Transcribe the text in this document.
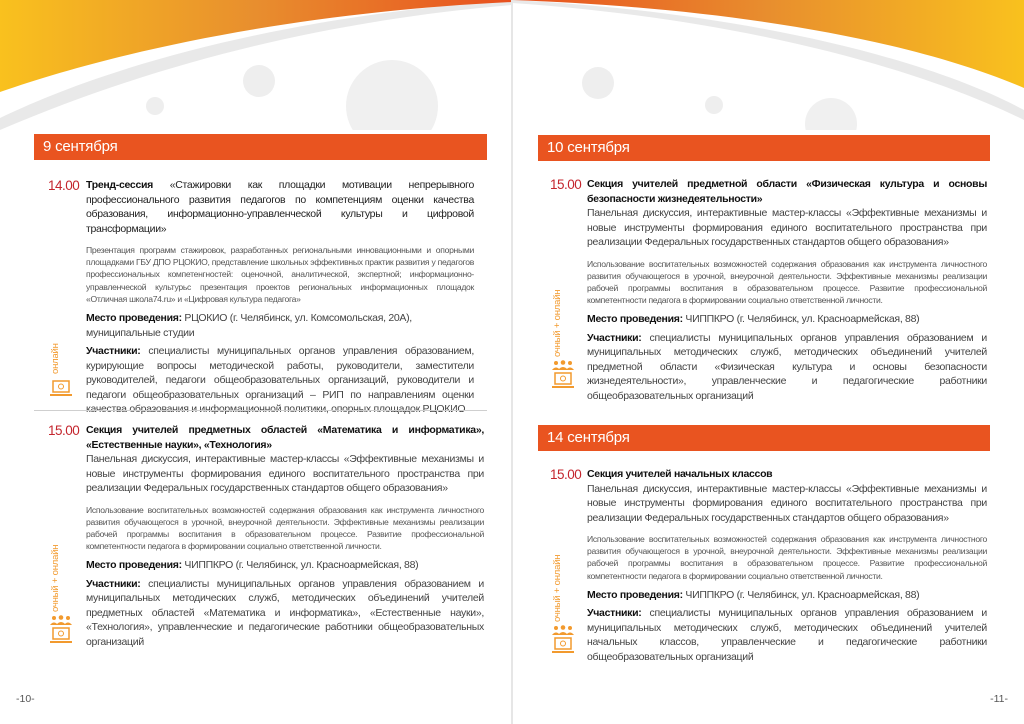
9 сентября
14.00 Тренд-сессия «Стажировки как площадки мотивации непрерывного профессионального развития педагогов по компетенциям оценки качества образования, информационно-управленческой культуры и цифровой трансформации»
Презентация программ стажировок, разработанных региональными инновационными и опорными площадками ГБУ ДПО РЦОКИО, представление школьных эффективных практик развития у педагогов профессиональных компетенгностей: оценочной, аналитической, экспертной; информационно-управленческой культурьс презентация проектов региональных информационных площадок «Отличная школа74.ru» и «Цифровая культура педагога»
Место проведения: РЦОКИО (г. Челябинск, ул. Комсомольская, 20А), муниципальные студии
Участники: специалисты муниципальных органов управления образованием, курирующие вопросы методической работы, руководители, заместители руководителей, педагоги общеобразовательных организаций, руководители и педагоги общеобразовательных организаций – РИП по направлениям оценки
онлайн
15.00 Секция учителей предметных областей «Математика и информатика», «Естественные науки», «Технология»
Панельная дискуссия, интерактивные мастер-классы «Эффективные механизмы и новые инструменты формирования единого воспитательного пространства при реализации Федеральных государственных стандартов общего образования»
Использование воспитательных возможностей содержания образования как инструмента личностного развития обучающегося в урочной, внеурочной деятельности. Эффективные механизмы реализации рабочей программы воспитания в образовательном процессе. Развитие профессиональной компетентности педагога в формировании социально ответственной личности.
Место проведения: ЧИППКРО (г. Челябинск, ул. Красноармейская, 88)
Участники: специалисты муниципальных органов управления образованием и муниципальных методических служб, методических объединений учителей предметных областей «Математика и информатика», «Естественные науки», «Технология», управленческие и педагогические работники общеобразовательных организаций
очный + онлайн
-10-
10 сентября
15.00 Секция учителей предметной области «Физическая культура и основы безопасности жизнедеятельности»
Панельная дискуссия, интерактивные мастер-классы «Эффективные механизмы и новые инструменты формирования единого воспитательного пространства при реализации Федеральных государственных стандартов общего образования»
Использование воспитательных возможностей содержания образования как инструмента личностного развития обучающегося в урочной, внеурочной деятельности. Эффективные механизмы реализации рабочей программы воспитания в образовательном процессе. Развитие профессиональной компетентности педагога в формировании социально ответственной личности.
Место проведения: ЧИППКРО (г. Челябинск, ул. Красноармейская, 88)
Участники: специалисты муниципальных органов управления образованием и муниципальных методических служб, методических объединений учителей предметной области «Физическая культура и основы безопасности жизнедеятельности», управленческие и педагогические работники общеобразовательных организаций
очный + онлайн
14 сентября
15.00 Секция учителей начальных классов
Панельная дискуссия, интерактивные мастер-классы «Эффективные механизмы и новые инструменты формирования единого воспитательного пространства при реализации Федеральных государственных стандартов общего образования»
Использование воспитательных возможностей содержания образования как инструмента личностного развития обучающегося в урочной, внеурочной деятельности. Эффективные механизмы реализации рабочей программы воспитания в образовательном процессе. Развитие профессиональной компетентности педагога в формировании социально ответственной личности.
Место проведения: ЧИППКРО (г. Челябинск, ул. Красноармейская, 88)
Участники: специалисты муниципальных органов управления образованием и муниципальных методических служб, методических объединений учителей начальных классов, управленческие и педагогические работники общеобразовательных организаций
очный + онлайн
-11-
